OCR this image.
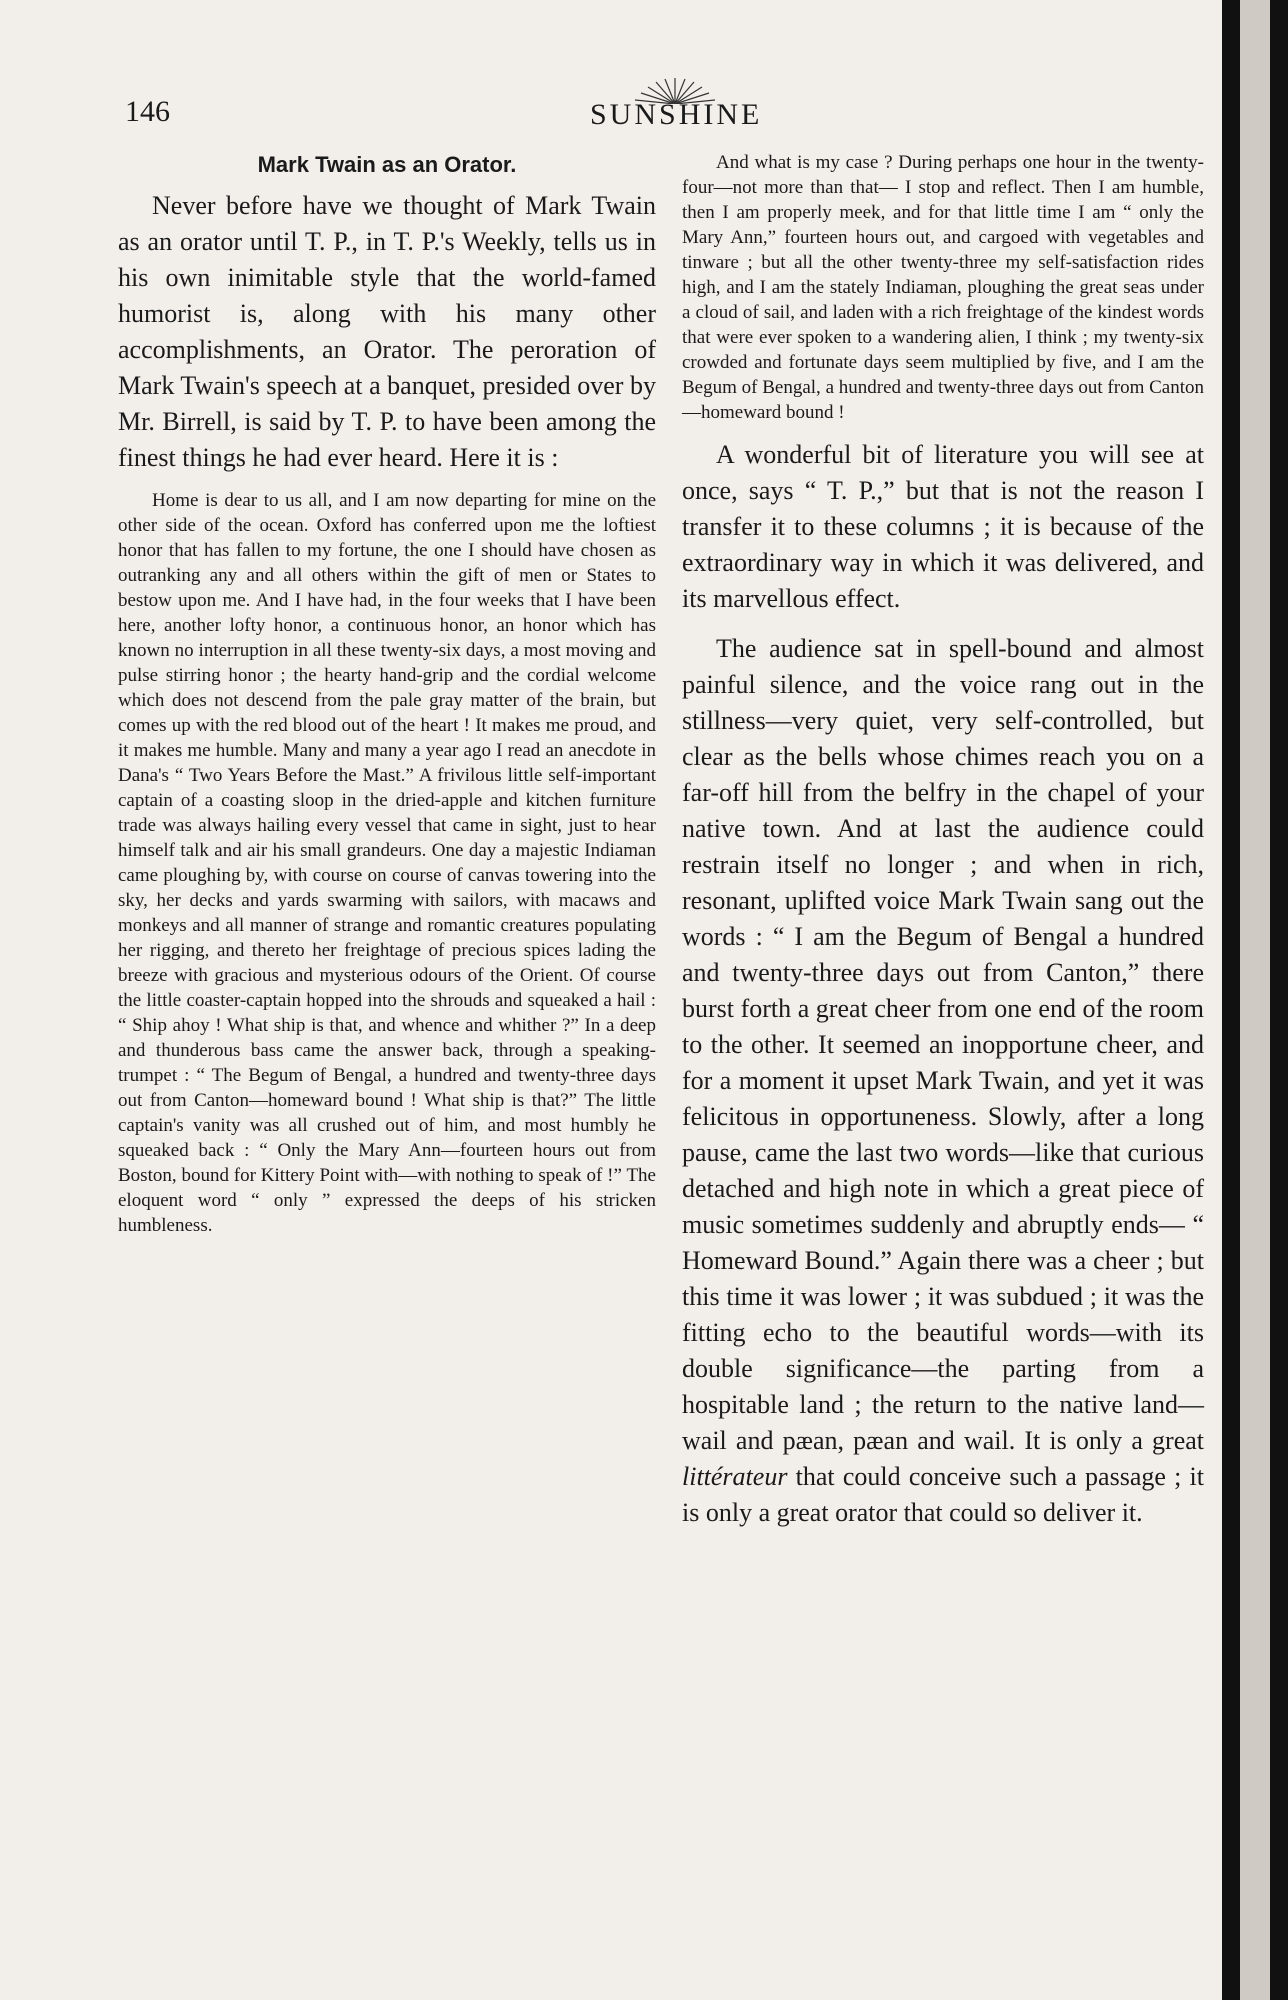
146	SUNSHINE
Mark Twain as an Orator.

Never before have we thought of Mark Twain as an orator until T. P., in T. P.'s Weekly, tells us in his own inimitable style that the world-famed humorist is, along with his many other accomplishments, an Orator. The peroration of Mark Twain's speech at a banquet, presided over by Mr. Birrell, is said by T. P. to have been among the finest things he had ever heard. Here it is :

Home is dear to us all, and I am now departing for mine on the other side of the ocean. Oxford has conferred upon me the loftiest honor that has fallen to my fortune, the one I should have chosen as outranking any and all others within the gift of men or States to bestow upon me. And I have had, in the four weeks that I have been here, another lofty honor, a continuous honor, an honor which has known no interruption in all these twenty-six days, a most moving and pulse stirring honor ; the hearty hand-grip and the cordial welcome which does not descend from the pale gray matter of the brain, but comes up with the red blood out of the heart ! It makes me proud, and it makes me humble. Many and many a year ago I read an anecdote in Dana's “ Two Years Before the Mast.” A frivilous little self-important captain of a coasting sloop in the dried-apple and kitchen furniture trade was always hailing every vessel that came in sight, just to hear himself talk and air his small grandeurs. One day a majestic Indiaman came ploughing by, with course on course of canvas towering into the sky, her decks and yards swarming with sailors, with macaws and monkeys and all manner of strange and romantic creatures populating her rigging, and thereto her freightage of precious spices lading the breeze with gracious and mysterious odours of the Orient. Of course the little coaster-captain hopped into the shrouds and squeaked a hail : “ Ship ahoy ! What ship is that, and whence and whither ?” In a deep and thunderous bass came the answer back, through a speaking-trumpet : “ The Begum of Bengal, a hundred and twenty-three days out from Canton—homeward bound ! What ship is that?” The little captain's vanity was all crushed out of him, and most humbly he squeaked back : “ Only the Mary Ann—fourteen hours out from Boston, bound for Kittery Point with—with nothing to speak of !” The eloquent word “ only ” expressed the deeps of his stricken humbleness.

And what is my case ? During perhaps one hour in the twenty-four—not more than that— I stop and reflect. Then I am humble, then I am properly meek, and for that little time I am “ only the Mary Ann,” fourteen hours out, and cargoed with vegetables and tinware ; but all the other twenty-three my self-satisfaction rides high, and I am the stately Indiaman, ploughing the great seas under a cloud of sail, and laden with a rich freightage of the kindest words that were ever spoken to a wandering alien, I think ; my twenty-six crowded and fortunate days seem multiplied by five, and I am the Begum of Bengal, a hundred and twenty-three days out from Canton—homeward bound !

A wonderful bit of literature you will see at once, says “ T. P.,” but that is not the reason I transfer it to these columns ; it is because of the extraordinary way in which it was delivered, and its marvellous effect.

The audience sat in spell-bound and almost painful silence, and the voice rang out in the stillness—very quiet, very self-controlled, but clear as the bells whose chimes reach you on a far-off hill from the belfry in the chapel of your native town. And at last the audience could restrain itself no longer ; and when in rich, resonant, uplifted voice Mark Twain sang out the words : “ I am the Begum of Bengal a hundred and twenty-three days out from Canton,” there burst forth a great cheer from one end of the room to the other. It seemed an inopportune cheer, and for a moment it upset Mark Twain, and yet it was felicitous in opportuneness. Slowly, after a long pause, came the last two words—like that curious detached and high note in which a great piece of music sometimes suddenly and abruptly ends— “ Homeward Bound.” Again there was a cheer ; but this time it was lower ; it was subdued ; it was the fitting echo to the beautiful words—with its double significance—the parting from a hospitable land ; the return to the native land—wail and pæan, pæan and wail. It is only a great littérateur that could conceive such a passage ; it is only a great orator that could so deliver it.
